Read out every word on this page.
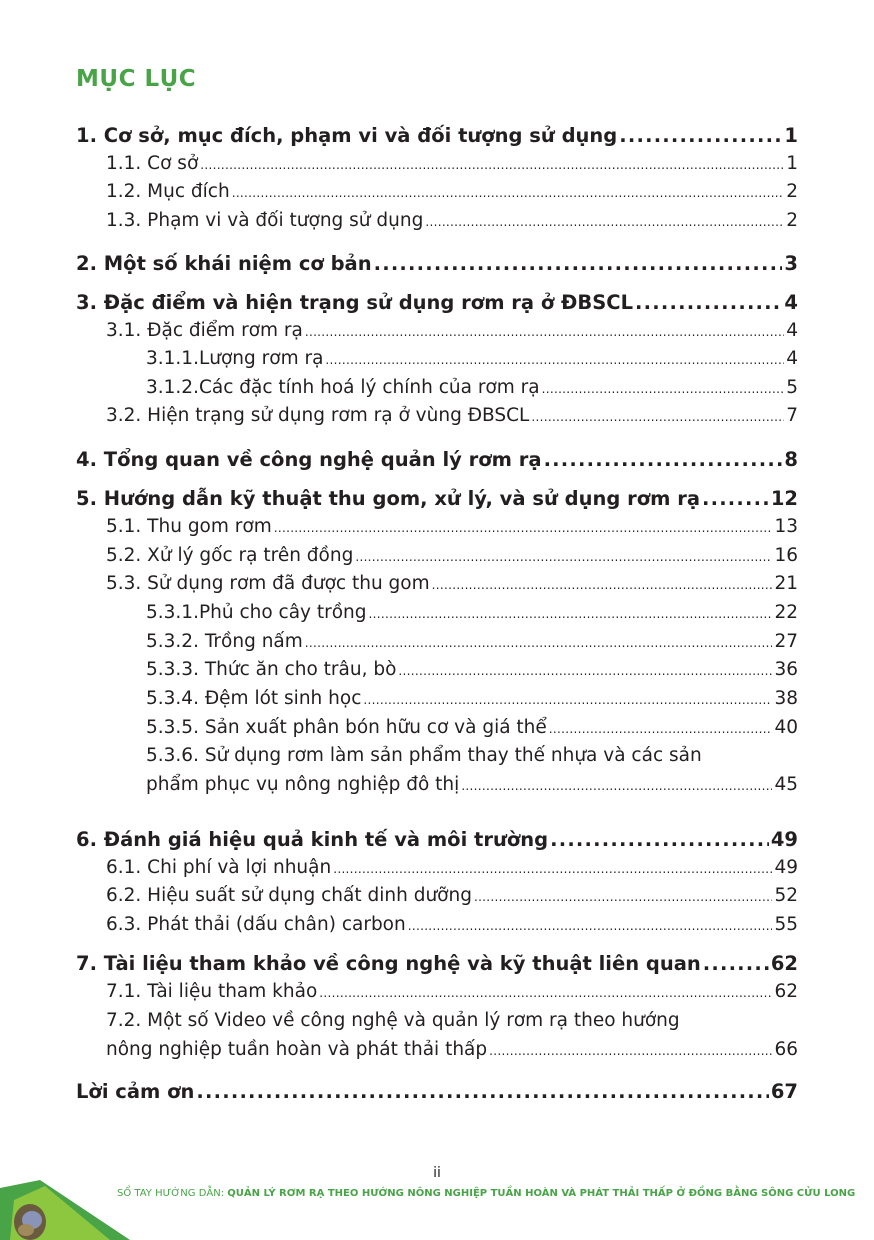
MỤC LỤC
1. Cơ sở, mục đích, phạm vi và đối tượng sử dụng .....	1
1.1. Cơ sở .....	1
1.2. Mục đích .....	2
1.3. Phạm vi và đối tượng sử dụng .....	2
2. Một số khái niệm cơ bản .....	3
3. Đặc điểm và hiện trạng sử dụng rơm rạ ở ĐBSCL .....	4
3.1. Đặc điểm rơm rạ .....	4
3.1.1.Lượng rơm rạ .....	4
3.1.2.Các đặc tính hoá lý chính của rơm rạ .....	5
3.2. Hiện trạng sử dụng rơm rạ ở vùng ĐBSCL .....	7
4. Tổng quan về công nghệ quản lý rơm rạ .....	8
5. Hướng dẫn kỹ thuật thu gom, xử lý, và sử dụng rơm rạ .....	12
5.1. Thu gom rơm .....	13
5.2. Xử lý gốc rạ trên đồng .....	16
5.3. Sử dụng rơm đã được thu gom .....	21
5.3.1.Phủ cho cây trồng .....	22
5.3.2. Trồng nấm .....	27
5.3.3. Thức ăn cho trâu, bò .....	36
5.3.4. Đệm lót sinh học .....	38
5.3.5. Sản xuất phân bón hữu cơ và giá thể .....	40
5.3.6. Sử dụng rơm làm sản phẩm thay thế nhựa và các sản
phẩm phục vụ nông nghiệp đô thị .....	45
6. Đánh giá hiệu quả kinh tế và môi trường .....	49
6.1. Chi phí và lợi nhuận .....	49
6.2. Hiệu suất sử dụng chất dinh dưỡng .....	52
6.3. Phát thải (dấu chân) carbon .....	55
7. Tài liệu tham khảo về công nghệ và kỹ thuật liên quan .....	62
7.1. Tài liệu tham khảo .....	62
7.2. Một số Video về công nghệ và quản lý rơm rạ theo hướng
nông nghiệp tuần hoàn và phát thải thấp .....	66
Lời cảm ơn .....	67
ii
SỔ TAY HƯỚNG DẪN: QUẢN LÝ RƠM RẠ THEO HƯỚNG NÔNG NGHIỆP TUẦN HOÀN VÀ PHÁT THẢI THẤP Ở ĐỒNG BẰNG SÔNG CỬU LONG
